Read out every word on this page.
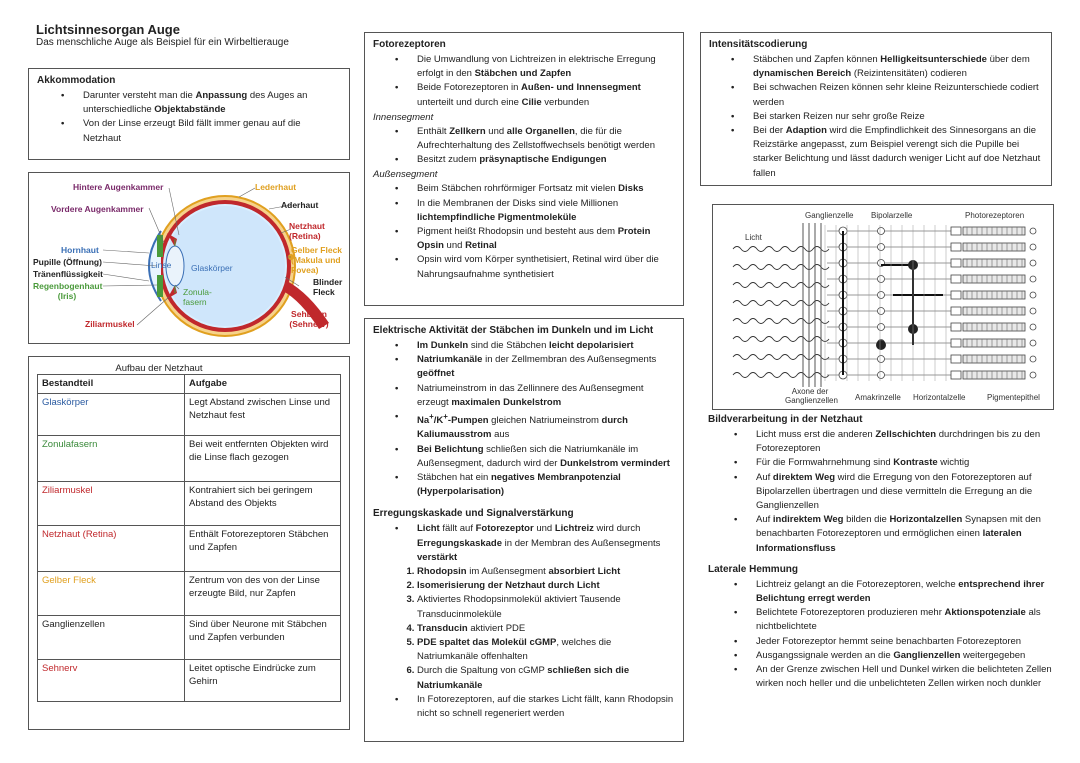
Lichtsinnesorgan Auge
Das menschliche Auge als Beispiel für ein Wirbeltierauge
Akkommodation
• Darunter versteht man die Anpassung des Auges an unterschiedliche Objektabstände
• Von der Linse erzeugt Bild fällt immer genau auf die Netzhaut
Hintere Augenkammer
Vordere Augenkammer
Hornhaut
Pupille (Öffnung)
Tränenflüssigkeit
Regenbogenhaut (Iris)
Ziliarmuskel
Linse Glaskörper
Zonula-fasern
Lederhaut
Aderhaut
Netzhaut (Retina)
Gelber Fleck (Makula und Fovea)
Blinder Fleck
Sehbahn (Sehnerv)
Aufbau der Netzhaut
Bestandteil	Aufgabe
Glaskörper	Legt Abstand zwischen Linse und Netzhaut fest
Zonulafasern	Bei weit entfernten Objekten wird die Linse flach gezogen
Ziliarmuskel	Kontrahiert sich bei geringem Abstand des Objekts
Netzhaut (Retina)	Enthält Fotorezeptoren Stäbchen und Zapfen
Gelber Fleck	Zentrum von des von der Linse erzeugte Bild, nur Zapfen
Ganglienzellen	Sind über Neurone mit Stäbchen und Zapfen verbunden
Sehnerv	Leitet optische Eindrücke zum Gehirn
Fotorezeptoren
• Die Umwandlung von Lichtreizen in elektrische Erregung erfolgt in den Stäbchen und Zapfen
• Beide Fotorezeptoren in Außen- und Innensegment unterteilt und durch eine Cilie verbunden
Innensegment
• Enthält Zellkern und alle Organellen, die für die Aufrechterhaltung des Zellstoffwechsels benötigt werden
• Besitzt zudem präsynaptische Endigungen
Außensegment
• Beim Stäbchen rohrförmiger Fortsatz mit vielen Disks
• In die Membranen der Disks sind viele Millionen lichtempfindliche Pigmentmoleküle
• Pigment heißt Rhodopsin und besteht aus dem Protein Opsin und Retinal
• Opsin wird vom Körper synthetisiert, Retinal wird über die Nahrungsaufnahme synthetisiert
Elektrische Aktivität der Stäbchen im Dunkeln und im Licht
• Im Dunkeln sind die Stäbchen leicht depolarisiert
• Natriumkanäle in der Zellmembran des Außensegments geöffnet
• Natriumeinstrom in das Zellinnere des Außensegment erzeugt maximalen Dunkelstrom
• Na+/K+-Pumpen gleichen Natriumeinstrom durch Kaliumausstrom aus
• Bei Belichtung schließen sich die Natriumkanäle im Außensegment, dadurch wird der Dunkelstrom vermindert
• Stäbchen hat ein negatives Membranpotenzial (Hyperpolarisation)
Erregungskaskade und Signalverstärkung
• Licht fällt auf Fotorezeptor und Lichtreiz wird durch Erregungskaskade in der Membran des Außensegments verstärkt
1. Rhodopsin im Außensegment absorbiert Licht
2. Isomerisierung der Netzhaut durch Licht
3. Aktiviertes Rhodopsinmolekül aktiviert Tausende Transducinmoleküle
4. Transducin aktiviert PDE
5. PDE spaltet das Molekül cGMP, welches die Natriumkanäle offenhalten
6. Durch die Spaltung von cGMP schließen sich die Natriumkanäle
• In Fotorezeptoren, auf die starkes Licht fällt, kann Rhodopsin nicht so schnell regeneriert werden
Intensitätscodierung
• Stäbchen und Zapfen können Helligkeitsunterschiede über dem dynamischen Bereich (Reizintensitäten) codieren
• Bei schwachen Reizen können sehr kleine Reizunterschiede codiert werden
• Bei starken Reizen nur sehr große Reize
• Bei der Adaption wird die Empfindlichkeit des Sinnesorgans an die Reizstärke angepasst, zum Beispiel verengt sich die Pupille bei starker Belichtung und lässt dadurch weniger Licht auf doe Netzhaut fallen
Ganglienzelle Bipolarzelle	Photorezeptoren
Licht
Axone der Ganglienzellen Amakrinzelle Horizontalzelle	Pigmentepithel
Bildverarbeitung in der Netzhaut
• Licht muss erst die anderen Zellschichten durchdringen bis zu den Fotorezeptoren
• Für die Formwahrnehmung sind Kontraste wichtig
• Auf direktem Weg wird die Erregung von den Fotorezeptoren auf Bipolarzellen übertragen und diese vermitteln die Erregung an die Ganglienzellen
• Auf indirektem Weg bilden die Horizontalzellen Synapsen mit den benachbarten Fotorezeptoren und ermöglichen einen lateralen Informationsfluss
Laterale Hemmung
• Lichtreiz gelangt an die Fotorezeptoren, welche entsprechend ihrer Belichtung erregt werden
• Belichtete Fotorezeptoren produzieren mehr Aktionspotenziale als nichtbelichtete
• Jeder Fotorezeptor hemmt seine benachbarten Fotorezeptoren
• Ausgangssignale werden an die Ganglienzellen weitergegeben
• An der Grenze zwischen Hell und Dunkel wirken die belichteten Zellen wirken noch heller und die unbelichteten Zellen wirken noch dunkler
